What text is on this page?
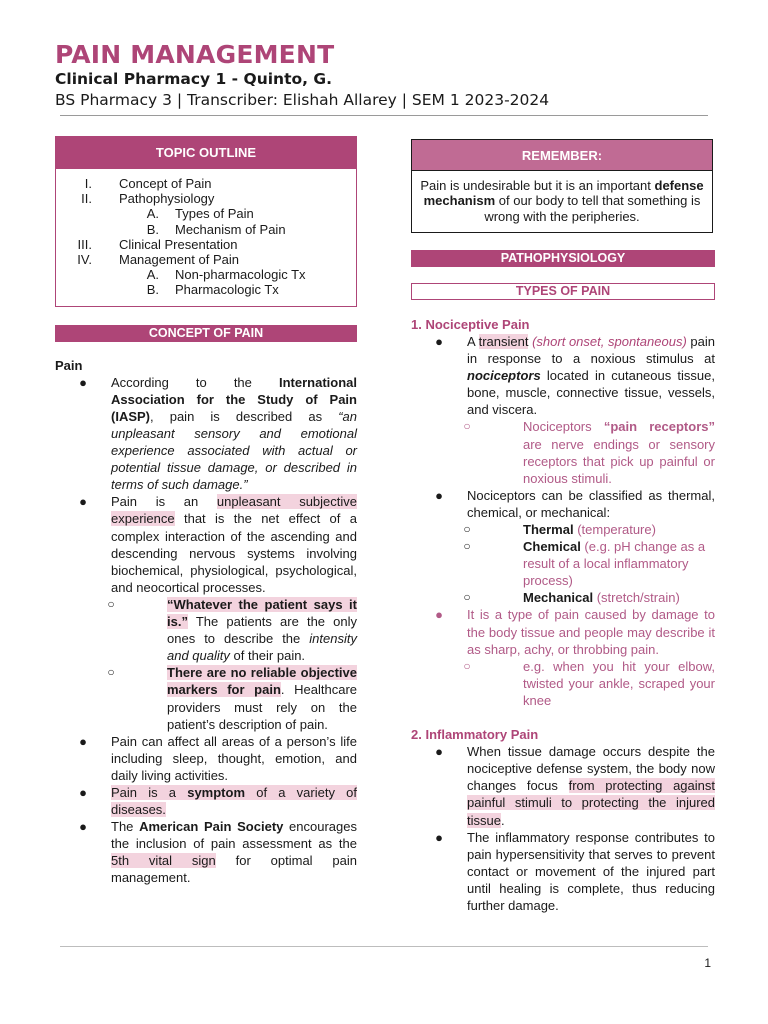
PAIN MANAGEMENT
Clinical Pharmacy 1 - Quinto, G.
BS Pharmacy 3 | Transcriber: Elishah Allarey | SEM 1 2023-2024
TOPIC OUTLINE
I.	Concept of Pain
II.	Pathophysiology
A.	Types of Pain
B.	Mechanism of Pain
III.	Clinical Presentation
IV.	Management of Pain
A.	Non-pharmacologic Tx
B.	Pharmacologic Tx
CONCEPT OF PAIN
Pain
●	According to the International Association for the Study of Pain (IASP), pain is described as “an unpleasant sensory and emotional experience associated with actual or potential tissue damage, or described in terms of such damage.”
●	Pain is an unpleasant subjective experience that is the net effect of a complex interaction of the ascending and descending nervous systems involving biochemical, physiological, psychological, and neocortical processes.
○	“Whatever the patient says it is.” The patients are the only ones to describe the intensity and quality of their pain.
○	There are no reliable objective markers for pain. Healthcare providers must rely on the patient’s description of pain.
●	Pain can affect all areas of a person’s life including sleep, thought, emotion, and daily living activities.
●	Pain is a symptom of a variety of diseases.
●	The American Pain Society encourages the inclusion of pain assessment as the 5th vital sign for optimal pain management.
REMEMBER:
Pain is undesirable but it is an important defense mechanism of our body to tell that something is wrong with the peripheries.
PATHOPHYSIOLOGY
TYPES OF PAIN
1. Nociceptive Pain
●	A transient (short onset, spontaneous) pain in response to a noxious stimulus at nociceptors located in cutaneous tissue, bone, muscle, connective tissue, vessels, and viscera.
○	Nociceptors “pain receptors” are nerve endings or sensory receptors that pick up painful or noxious stimuli.
●	Nociceptors can be classified as thermal, chemical, or mechanical:
○	Thermal (temperature)
○	Chemical (e.g. pH change as a result of a local inflammatory process)
○	Mechanical (stretch/strain)
●	It is a type of pain caused by damage to the body tissue and people may describe it as sharp, achy, or throbbing pain.
○	e.g. when you hit your elbow, twisted your ankle, scraped your knee
2. Inflammatory Pain
●	When tissue damage occurs despite the nociceptive defense system, the body now changes focus from protecting against painful stimuli to protecting the injured tissue.
●	The inflammatory response contributes to pain hypersensitivity that serves to prevent contact or movement of the injured part until healing is complete, thus reducing further damage.
1
